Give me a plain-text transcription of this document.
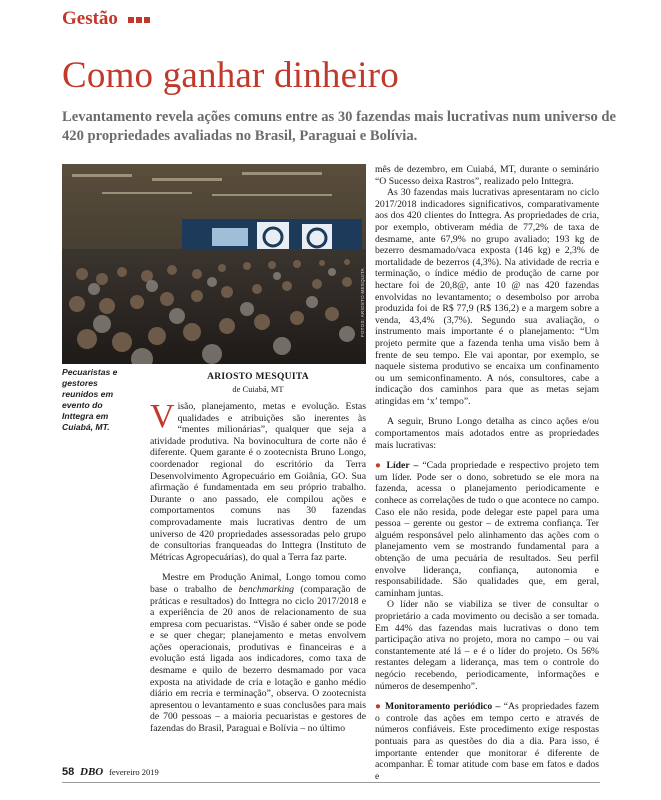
Gestão
Como ganhar dinheiro

Levantamento revela ações comuns entre as 30 fazendas mais lucrativas num universo de 420 propriedades avaliadas no Brasil, Paraguai e Bolívia.

FOTOS: ARIOSTO MESQUITA
Pecuaristas e gestores reunidos em evento do Inttegra em Cuiabá, MT.
ARIOSTO MESQUITA
de Cuiabá, MT

Visão, planejamento, metas e evolução. Estas qualidades e atribuições são inerentes às “mentes milionárias”, qualquer que seja a atividade produtiva. Na bovinocultura de corte não é diferente. Quem garante é o zootecnista Bruno Longo, coordenador regional do escritório da Terra Desenvolvimento Agropecuário em Goiânia, GO. Sua afirmação é fundamentada em seu próprio trabalho. Durante o ano passado, ele compilou ações e comportamentos comuns nas 30 fazendas comprovadamente mais lucrativas dentro de um universo de 420 propriedades assessoradas pelo grupo de consultorias franqueadas do Inttegra (Instituto de Métricas Agropecuárias), do qual a Terra faz parte.

Mestre em Produção Animal, Longo tomou como base o trabalho de benchmarking (comparação de práticas e resultados) do Inttegra no ciclo 2017/2018 e a experiência de 20 anos de relacionamento de sua empresa com pecuaristas. “Visão é saber onde se pode e se quer chegar; planejamento e metas envolvem ações operacionais, produtivas e financeiras e a evolução está ligada aos indicadores, como taxa de desmame e quilo de bezerro desmamado por vaca exposta na atividade de cria e lotação e ganho médio diário em recria e terminação”, observa. O zootecnista apresentou o levantamento e suas conclusões para mais de 700 pessoas – a maioria pecuaristas e gestores de fazendas do Brasil, Paraguai e Bolívia – no último

mês de dezembro, em Cuiabá, MT, durante o seminário “O Sucesso deixa Rastros”, realizado pelo Inttegra.

As 30 fazendas mais lucrativas apresentaram no ciclo 2017/2018 indicadores significativos, comparativamente aos dos 420 clientes do Inttegra. As propriedades de cria, por exemplo, obtiveram média de 77,2% de taxa de desmame, ante 67,9% no grupo avaliado; 193 kg de bezerro desmamado/vaca exposta (146 kg) e 2,3% de mortalidade de bezerros (4,3%). Na atividade de recria e terminação, o índice médio de produção de carne por hectare foi de 20,8@, ante 10 @ nas 420 fazendas envolvidas no levantamento; o desembolso por arroba produzida foi de R$ 77,9 (R$ 136,2) e a margem sobre a venda, 43,4% (3,7%). Segundo sua avaliação, o instrumento mais importante é o planejamento: “Um projeto permite que a fazenda tenha uma visão bem à frente de seu tempo. Ele vai apontar, por exemplo, se naquele sistema produtivo se encaixa um confinamento ou um semiconfinamento. A nós, consultores, cabe a indicação dos caminhos para que as metas sejam atingidas em ‘x’ tempo”.

A seguir, Bruno Longo detalha as cinco ações e/ou comportamentos mais adotados entre as propriedades mais lucrativas:

● Líder – “Cada propriedade e respectivo projeto tem um líder. Pode ser o dono, sobretudo se ele mora na fazenda, acessa o planejamento periodicamente e conhece as correlações de tudo o que acontece no campo. Caso ele não resida, pode delegar este papel para uma pessoa – gerente ou gestor – de extrema confiança. Ter alguém responsável pelo alinhamento das ações com o planejamento vem se mostrando fundamental para a obtenção de uma pecuária de resultados. Seu perfil envolve liderança, confiança, autonomia e responsabilidade. São qualidades que, em geral, caminham juntas.

O líder não se viabiliza se tiver de consultar o proprietário a cada movimento ou decisão a ser tomada. Em 44% das fazendas mais lucrativas o dono tem participação ativa no projeto, mora no campo – ou vai constantemente até lá – e é o líder do projeto. Os 56% restantes delegam a liderança, mas tem o controle do negócio recebendo, periodicamente, informações e números de desempenho”.

● Monitoramento periódico – “As propriedades fazem o controle das ações em tempo certo e através de números confiáveis. Este procedimento exige respostas pontuais para as questões do dia a dia. Para isso, é importante entender que monitorar é diferente de acompanhar. É tomar atitude com base em fatos e dados e

58 DBO fevereiro 2019
